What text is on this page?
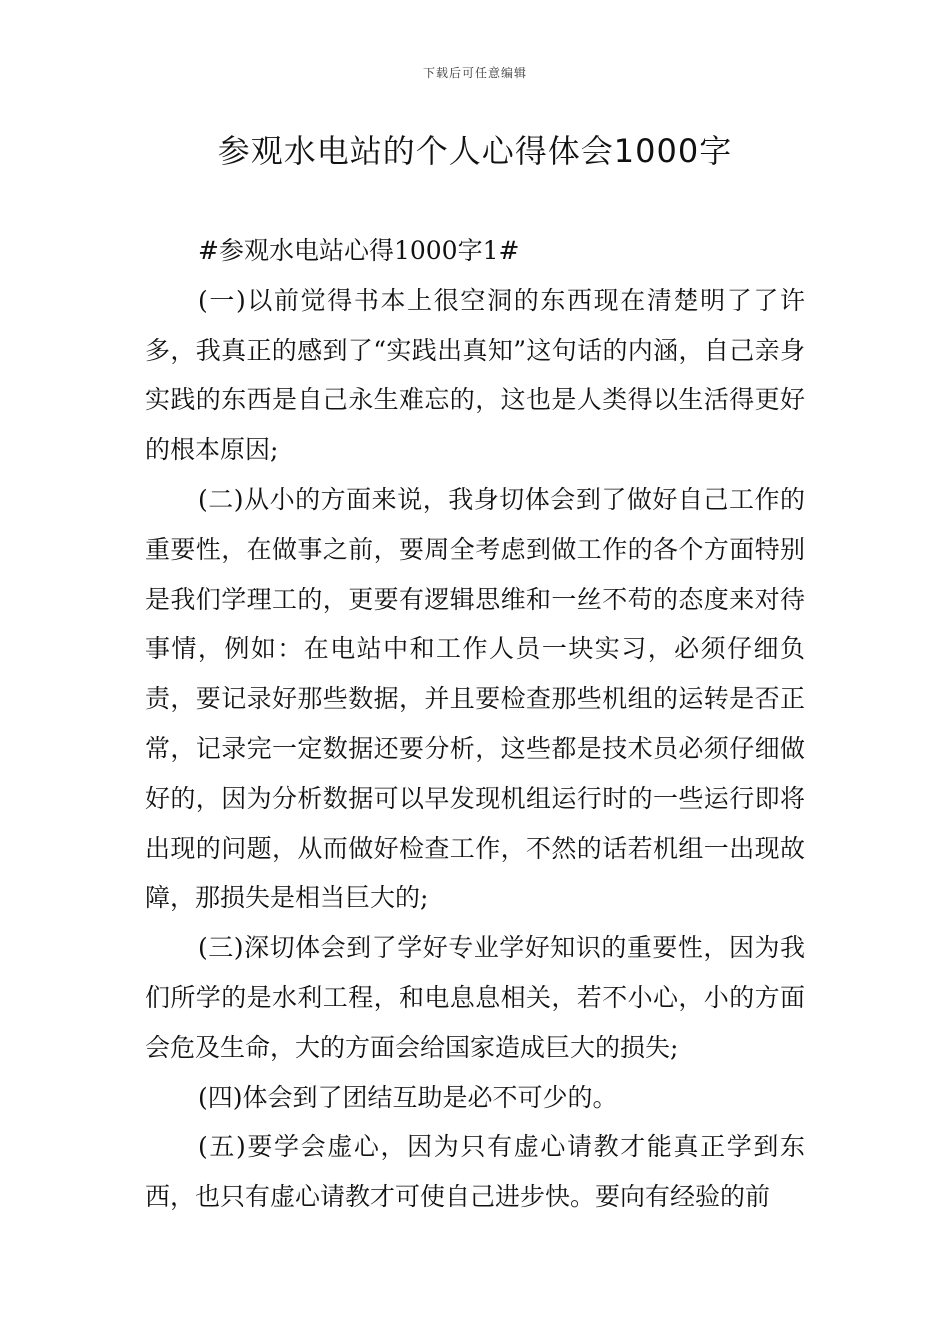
下载后可任意编辑
参观水电站的个人心得体会1000字

#参观水电站心得1000字1#

(一)以前觉得书本上很空洞的东西现在清楚明了了许多，我真正的感到了“实践出真知”这句话的内涵，自己亲身实践的东西是自己永生难忘的，这也是人类得以生活得更好的根本原因;

(二)从小的方面来说，我身切体会到了做好自己工作的重要性，在做事之前，要周全考虑到做工作的各个方面特别是我们学理工的，更要有逻辑思维和一丝不苟的态度来对待事情，例如：在电站中和工作人员一块实习，必须仔细负责，要记录好那些数据，并且要检查那些机组的运转是否正常，记录完一定数据还要分析，这些都是技术员必须仔细做好的，因为分析数据可以早发现机组运行时的一些运行即将出现的问题，从而做好检查工作，不然的话若机组一出现故障，那损失是相当巨大的;

(三)深切体会到了学好专业学好知识的重要性，因为我们所学的是水利工程，和电息息相关，若不小心，小的方面会危及生命，大的方面会给国家造成巨大的损失;

(四)体会到了团结互助是必不可少的。

(五)要学会虚心，因为只有虚心请教才能真正学到东西，也只有虚心请教才可使自己进步快。要向有经验的前
